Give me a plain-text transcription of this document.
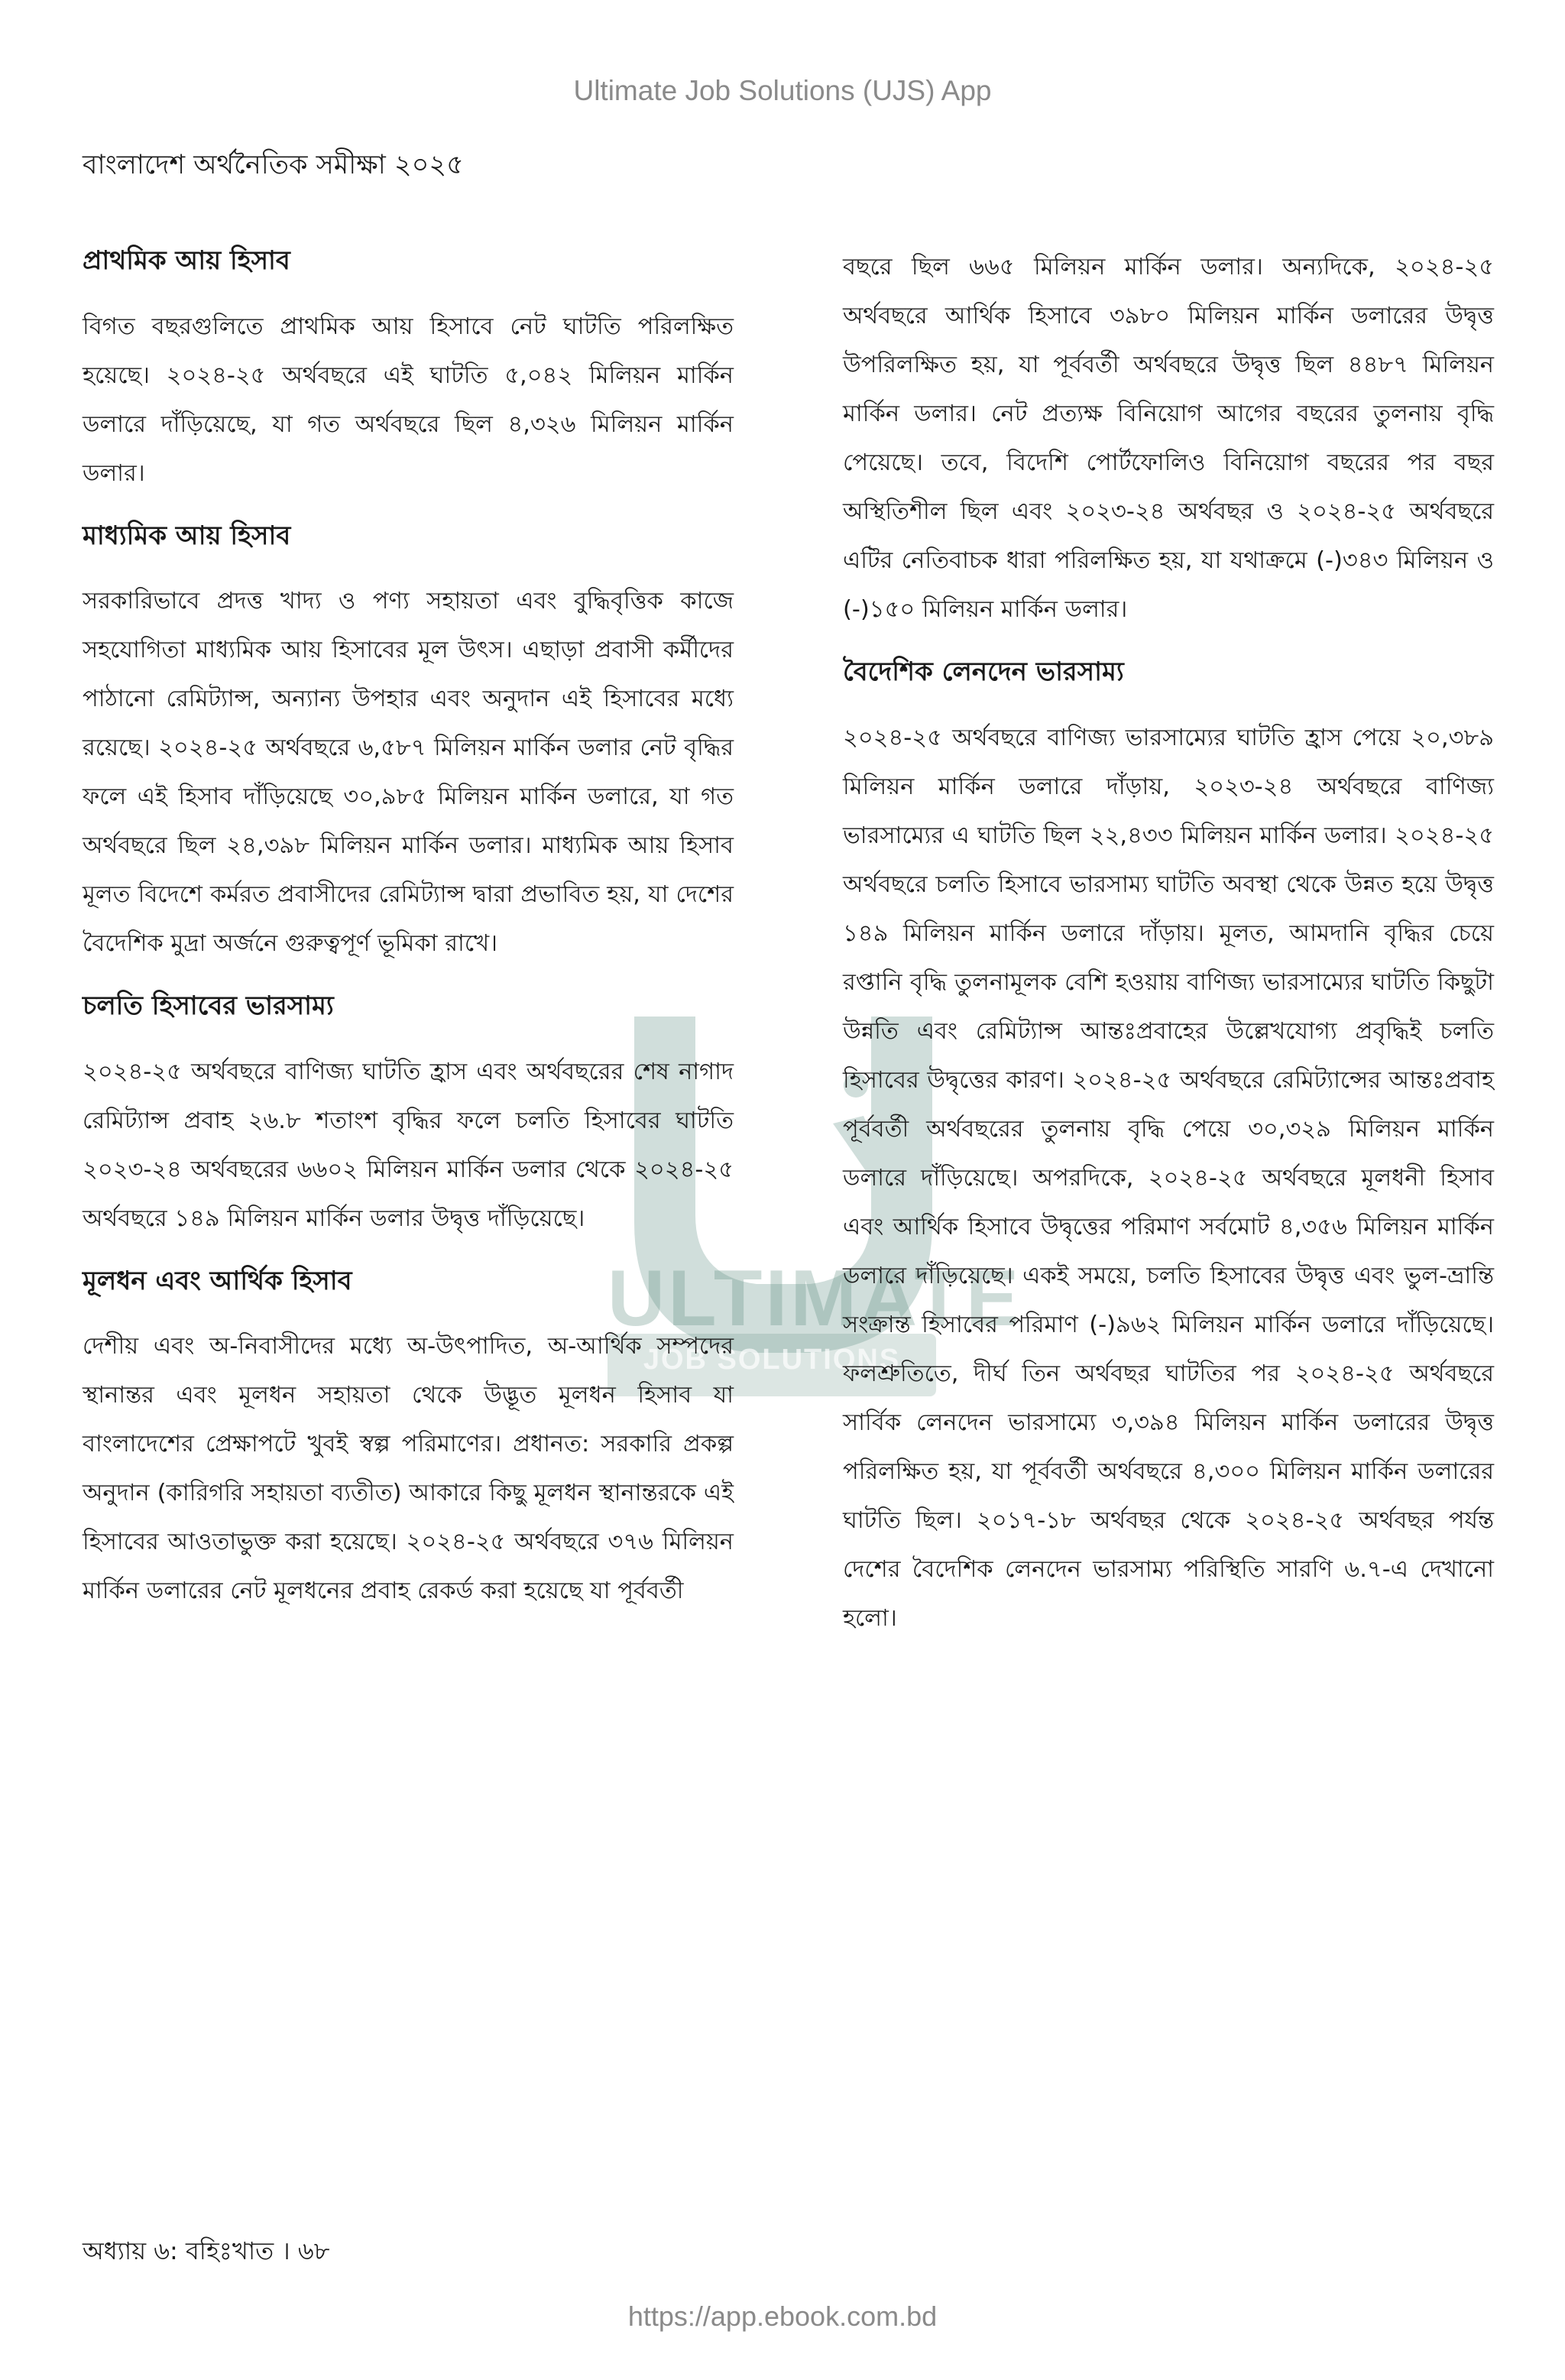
Ultimate Job Solutions (UJS) App
বাংলাদেশ অর্থনৈতিক সমীক্ষা ২০২৫
ULTIMATE
JOB SOLUTIONS
প্রাথমিক আয় হিসাব

বিগত বছরগুলিতে প্রাথমিক আয় হিসাবে নেট ঘাটতি পরিলক্ষিত হয়েছে। ২০২৪-২৫ অর্থবছরে এই ঘাটতি ৫,০৪২ মিলিয়ন মার্কিন ডলারে দাঁড়িয়েছে, যা গত অর্থবছরে ছিল ৪,৩২৬ মিলিয়ন মার্কিন ডলার।

মাধ্যমিক আয় হিসাব

সরকারিভাবে প্রদত্ত খাদ্য ও পণ্য সহায়তা এবং বুদ্ধিবৃত্তিক কাজে সহযোগিতা মাধ্যমিক আয় হিসাবের মূল উৎস। এছাড়া প্রবাসী কর্মীদের পাঠানো রেমিট্যান্স, অন্যান্য উপহার এবং অনুদান এই হিসাবের মধ্যে রয়েছে। ২০২৪-২৫ অর্থবছরে ৬,৫৮৭ মিলিয়ন মার্কিন ডলার নেট বৃদ্ধির ফলে এই হিসাব দাঁড়িয়েছে ৩০,৯৮৫ মিলিয়ন মার্কিন ডলারে, যা গত অর্থবছরে ছিল ২৪,৩৯৮ মিলিয়ন মার্কিন ডলার। মাধ্যমিক আয় হিসাব মূলত বিদেশে কর্মরত প্রবাসীদের রেমিট্যান্স দ্বারা প্রভাবিত হয়, যা দেশের বৈদেশিক মুদ্রা অর্জনে গুরুত্বপূর্ণ ভূমিকা রাখে।

চলতি হিসাবের ভারসাম্য

২০২৪-২৫ অর্থবছরে বাণিজ্য ঘাটতি হ্রাস এবং অর্থবছরের শেষ নাগাদ রেমিট্যান্স প্রবাহ ২৬.৮ শতাংশ বৃদ্ধির ফলে চলতি হিসাবের ঘাটতি ২০২৩-২৪ অর্থবছরের ৬৬০২ মিলিয়ন মার্কিন ডলার থেকে ২০২৪-২৫ অর্থবছরে ১৪৯ মিলিয়ন মার্কিন ডলার উদ্বৃত্ত দাঁড়িয়েছে।

মূলধন এবং আর্থিক হিসাব

দেশীয় এবং অ-নিবাসীদের মধ্যে অ-উৎপাদিত, অ-আর্থিক সম্পদের স্থানান্তর এবং মূলধন সহায়তা থেকে উদ্ভূত মূলধন হিসাব যা বাংলাদেশের প্রেক্ষাপটে খুবই স্বল্প পরিমাণের। প্রধানত: সরকারি প্রকল্প অনুদান (কারিগরি সহায়তা ব্যতীত) আকারে কিছু মূলধন স্থানান্তরকে এই হিসাবের আওতাভুক্ত করা হয়েছে। ২০২৪-২৫ অর্থবছরে ৩৭৬ মিলিয়ন মার্কিন ডলারের নেট মূলধনের প্রবাহ রেকর্ড করা হয়েছে যা পূর্ববর্তী

বছরে ছিল ৬৬৫ মিলিয়ন মার্কিন ডলার। অন্যদিকে, ২০২৪-২৫ অর্থবছরে আর্থিক হিসাবে ৩৯৮০ মিলিয়ন মার্কিন ডলারের উদ্বৃত্ত উপরিলক্ষিত হয়, যা পূর্ববর্তী অর্থবছরে উদ্বৃত্ত ছিল ৪৪৮৭ মিলিয়ন মার্কিন ডলার। নেট প্রত্যক্ষ বিনিয়োগ আগের বছরের তুলনায় বৃদ্ধি পেয়েছে। তবে, বিদেশি পোর্টফোলিও বিনিয়োগ বছরের পর বছর অস্থিতিশীল ছিল এবং ২০২৩-২৪ অর্থবছর ও ২০২৪-২৫ অর্থবছরে এটির নেতিবাচক ধারা পরিলক্ষিত হয়, যা যথাক্রমে (-)৩৪৩ মিলিয়ন ও (-)১৫০ মিলিয়ন মার্কিন ডলার।

বৈদেশিক লেনদেন ভারসাম্য

২০২৪-২৫ অর্থবছরে বাণিজ্য ভারসাম্যের ঘাটতি হ্রাস পেয়ে ২০,৩৮৯ মিলিয়ন মার্কিন ডলারে দাঁড়ায়, ২০২৩-২৪ অর্থবছরে বাণিজ্য ভারসাম্যের এ ঘাটতি ছিল ২২,৪৩৩ মিলিয়ন মার্কিন ডলার। ২০২৪-২৫ অর্থবছরে চলতি হিসাবে ভারসাম্য ঘাটতি অবস্থা থেকে উন্নত হয়ে উদ্বৃত্ত ১৪৯ মিলিয়ন মার্কিন ডলারে দাঁড়ায়। মূলত, আমদানি বৃদ্ধির চেয়ে রপ্তানি বৃদ্ধি তুলনামূলক বেশি হওয়ায় বাণিজ্য ভারসাম্যের ঘাটতি কিছুটা উন্নতি এবং রেমিট্যান্স আন্তঃপ্রবাহের উল্লেখযোগ্য প্রবৃদ্ধিই চলতি হিসাবের উদ্বৃত্তের কারণ। ২০২৪-২৫ অর্থবছরে রেমিট্যান্সের আন্তঃপ্রবাহ পূর্ববর্তী অর্থবছরের তুলনায় বৃদ্ধি পেয়ে ৩০,৩২৯ মিলিয়ন মার্কিন ডলারে দাঁড়িয়েছে। অপরদিকে, ২০২৪-২৫ অর্থবছরে মূলধনী হিসাব এবং আর্থিক হিসাবে উদ্বৃত্তের পরিমাণ সর্বমোট ৪,৩৫৬ মিলিয়ন মার্কিন ডলারে দাঁড়িয়েছে। একই সময়ে, চলতি হিসাবের উদ্বৃত্ত এবং ভুল-ভ্রান্তি সংক্রান্ত হিসাবের পরিমাণ (-)৯৬২ মিলিয়ন মার্কিন ডলারে দাঁড়িয়েছে। ফলশ্রুতিতে, দীর্ঘ তিন অর্থবছর ঘাটতির পর ২০২৪-২৫ অর্থবছরে সার্বিক লেনদেন ভারসাম্যে ৩,৩৯৪ মিলিয়ন মার্কিন ডলারের উদ্বৃত্ত পরিলক্ষিত হয়, যা পূর্ববর্তী অর্থবছরে ৪,৩০০ মিলিয়ন মার্কিন ডলারের ঘাটতি ছিল। ২০১৭-১৮ অর্থবছর থেকে ২০২৪-২৫ অর্থবছর পর্যন্ত দেশের বৈদেশিক লেনদেন ভারসাম্য পরিস্থিতি সারণি ৬.৭-এ দেখানো হলো।

অধ্যায় ৬: বহিঃখাত । ৬৮
https://app.ebook.com.bd
